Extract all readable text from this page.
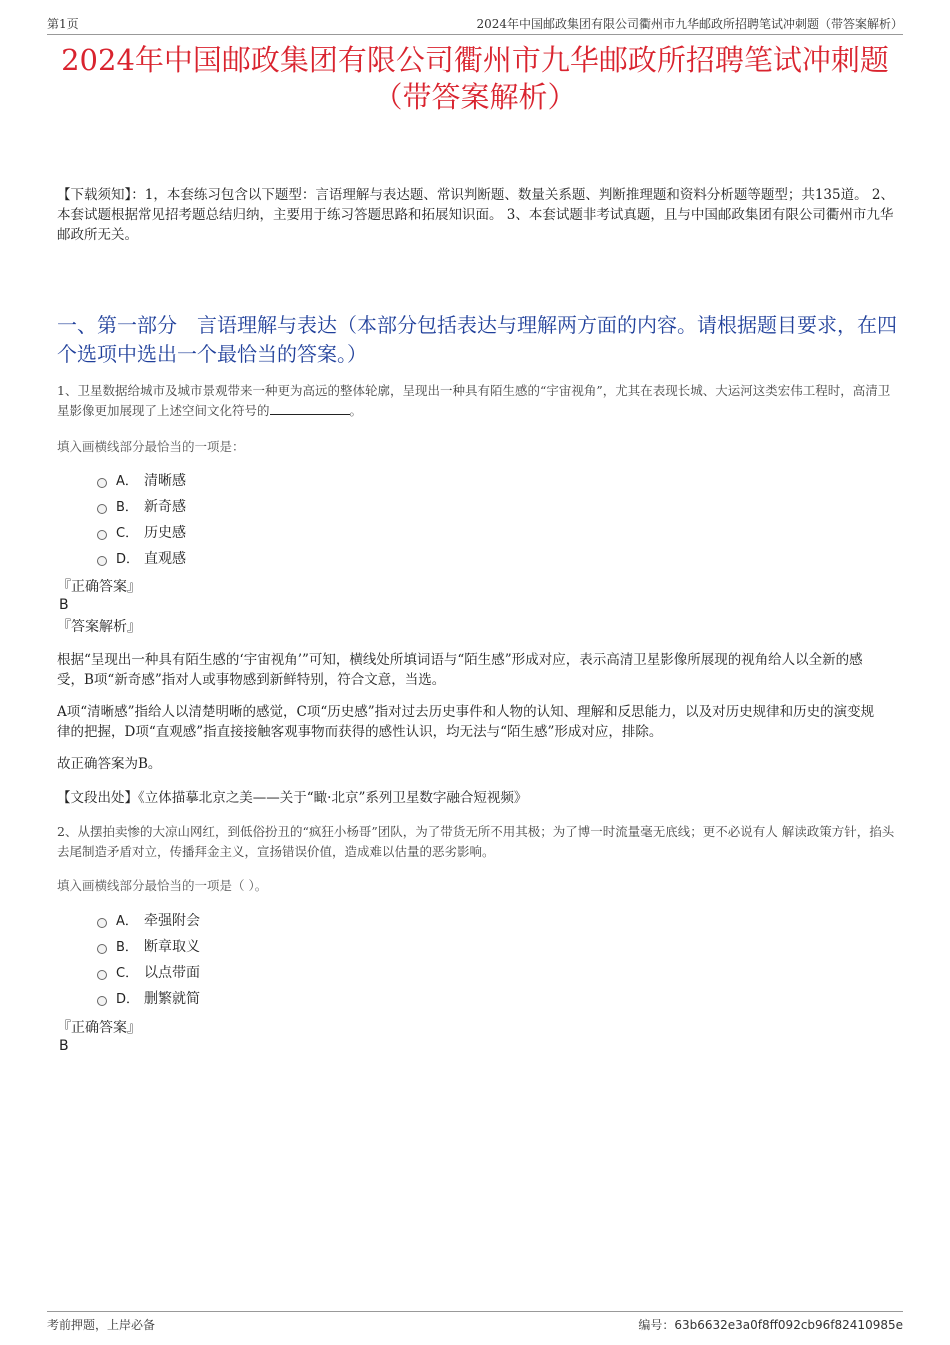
第1页	2024年中国邮政集团有限公司衢州市九华邮政所招聘笔试冲刺题（带答案解析）
2024年中国邮政集团有限公司衢州市九华邮政所招聘笔试冲刺题（带答案解析）

【下载须知】：1，本套练习包含以下题型：言语理解与表达题、常识判断题、数量关系题、判断推理题和资料分析题等题型；共135道。 2、本套试题根据常见招考题总结归纳，主要用于练习答题思路和拓展知识面。 3、本套试题非考试真题，且与中国邮政集团有限公司衢州市九华邮政所无关。

一、第一部分　言语理解与表达（本部分包括表达与理解两方面的内容。请根据题目要求，在四个选项中选出一个最恰当的答案。）

1、卫星数据给城市及城市景观带来一种更为高远的整体轮廓，呈现出一种具有陌生感的“宇宙视角”，尤其在表现长城、大运河这类宏伟工程时，高清卫星影像更加展现了上述空间文化符号的	。

填入画横线部分最恰当的一项是：

A． 清晰感
B． 新奇感
C． 历史感
D． 直观感

『正确答案』

B

『答案解析』

根据“呈现出一种具有陌生感的‘宇宙视角’”可知，横线处所填词语与“陌生感”形成对应，表示高清卫星影像所展现的视角给人以全新的感受，B项“新奇感”指对人或事物感到新鲜特别，符合文意，当选。

A项“清晰感”指给人以清楚明晰的感觉，C项“历史感”指对过去历史事件和人物的认知、理解和反思能力，以及对历史规律和历史的演变规律的把握，D项“直观感”指直接接触客观事物而获得的感性认识，均无法与“陌生感”形成对应，排除。

故正确答案为B。

【文段出处】《立体描摹北京之美——关于“瞰·北京”系列卫星数字融合短视频》

2、从摆拍卖惨的大凉山网红，到低俗扮丑的“疯狂小杨哥”团队，为了带货无所不用其极；为了博一时流量毫无底线；更不必说有人 解读政策方针，掐头去尾制造矛盾对立，传播拜金主义，宣扬错误价值，造成难以估量的恶劣影响。

填入画横线部分最恰当的一项是（ ）。

A． 牵强附会
B． 断章取义
C． 以点带面
D． 删繁就简

『正确答案』

B

考前押题，上岸必备	编号：63b6632e3a0f8ff092cb96f82410985e
